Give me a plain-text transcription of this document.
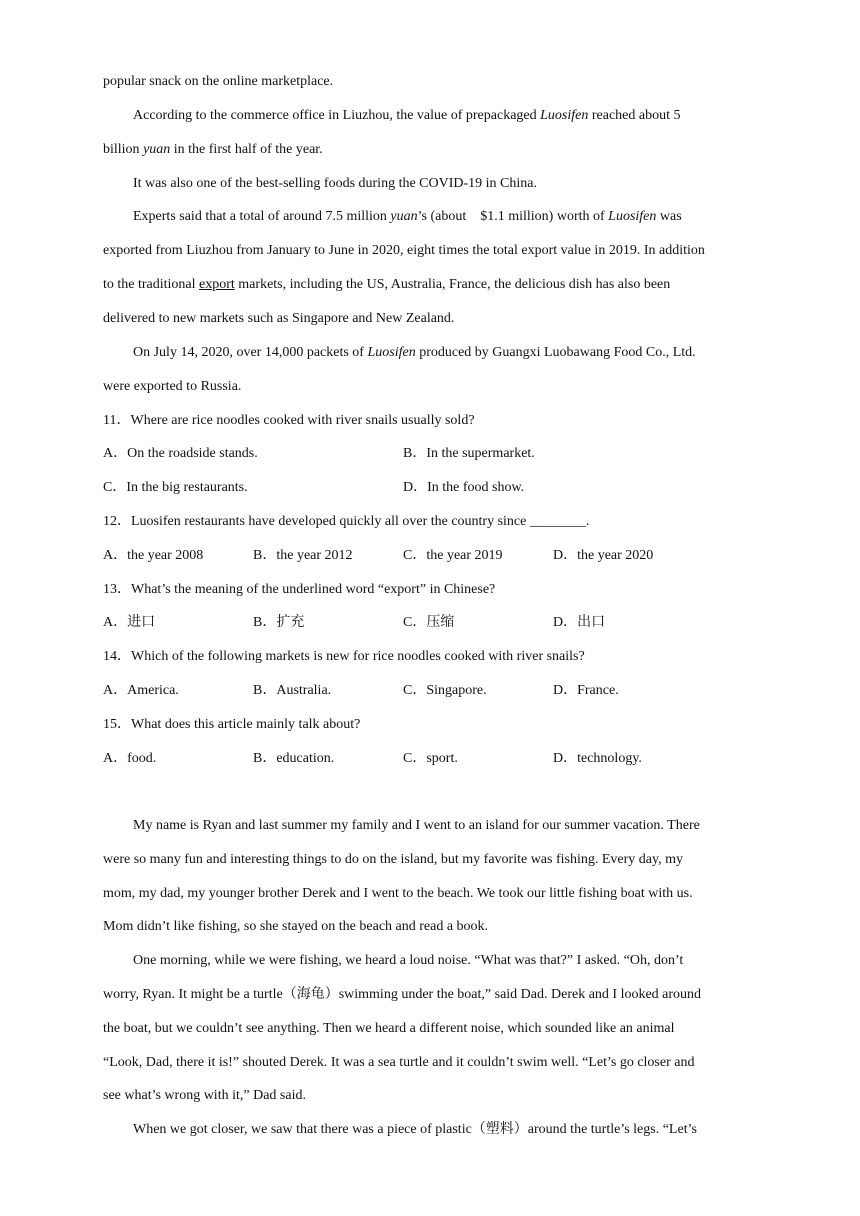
popular snack on the online marketplace.
According to the commerce office in Liuzhou, the value of prepackaged Luosifen reached about 5
billion yuan in the first half of the year.
It was also one of the best-selling foods during the COVID-19 in China.
Experts said that a total of around 7.5 million yuan’s (about　$1.1 million) worth of Luosifen was
exported from Liuzhou from January to June in 2020, eight times the total export value in 2019. In addition
to the traditional export markets, including the US, Australia, France, the delicious dish has also been
delivered to new markets such as Singapore and New Zealand.
On July 14, 2020, over 14,000 packets of Luosifen produced by Guangxi Luobawang Food Co., Ltd.
were exported to Russia.
11．Where are rice noodles cooked with river snails usually sold?
A．On the roadside stands.	B．In the supermarket.
C．In the big restaurants.	D．In the food show.
12．Luosifen restaurants have developed quickly all over the country since ________.
A．the year 2008	B．the year 2012	C．the year 2019	D．the year 2020
13．What’s the meaning of the underlined word “export” in Chinese?
A．进口	B．扩充	C．压缩	D．出口
14．Which of the following markets is new for rice noodles cooked with river snails?
A．America.	B．Australia.	C．Singapore.	D．France.
15．What does this article mainly talk about?
A．food.	B．education.	C．sport.	D．technology.
My name is Ryan and last summer my family and I went to an island for our summer vacation. There
were so many fun and interesting things to do on the island, but my favorite was fishing. Every day, my
mom, my dad, my younger brother Derek and I went to the beach. We took our little fishing boat with us.
Mom didn’t like fishing, so she stayed on the beach and read a book.
One morning, while we were fishing, we heard a loud noise. “What was that?” I asked. “Oh, don’t
worry, Ryan. It might be a turtle（海龟）swimming under the boat,” said Dad. Derek and I looked around
the boat, but we couldn’t see anything. Then we heard a different noise, which sounded like an animal
“Look, Dad, there it is!” shouted Derek. It was a sea turtle and it couldn’t swim well. “Let’s go closer and
see what’s wrong with it,” Dad said.
When we got closer, we saw that there was a piece of plastic（塑料）around the turtle’s legs. “Let’s
